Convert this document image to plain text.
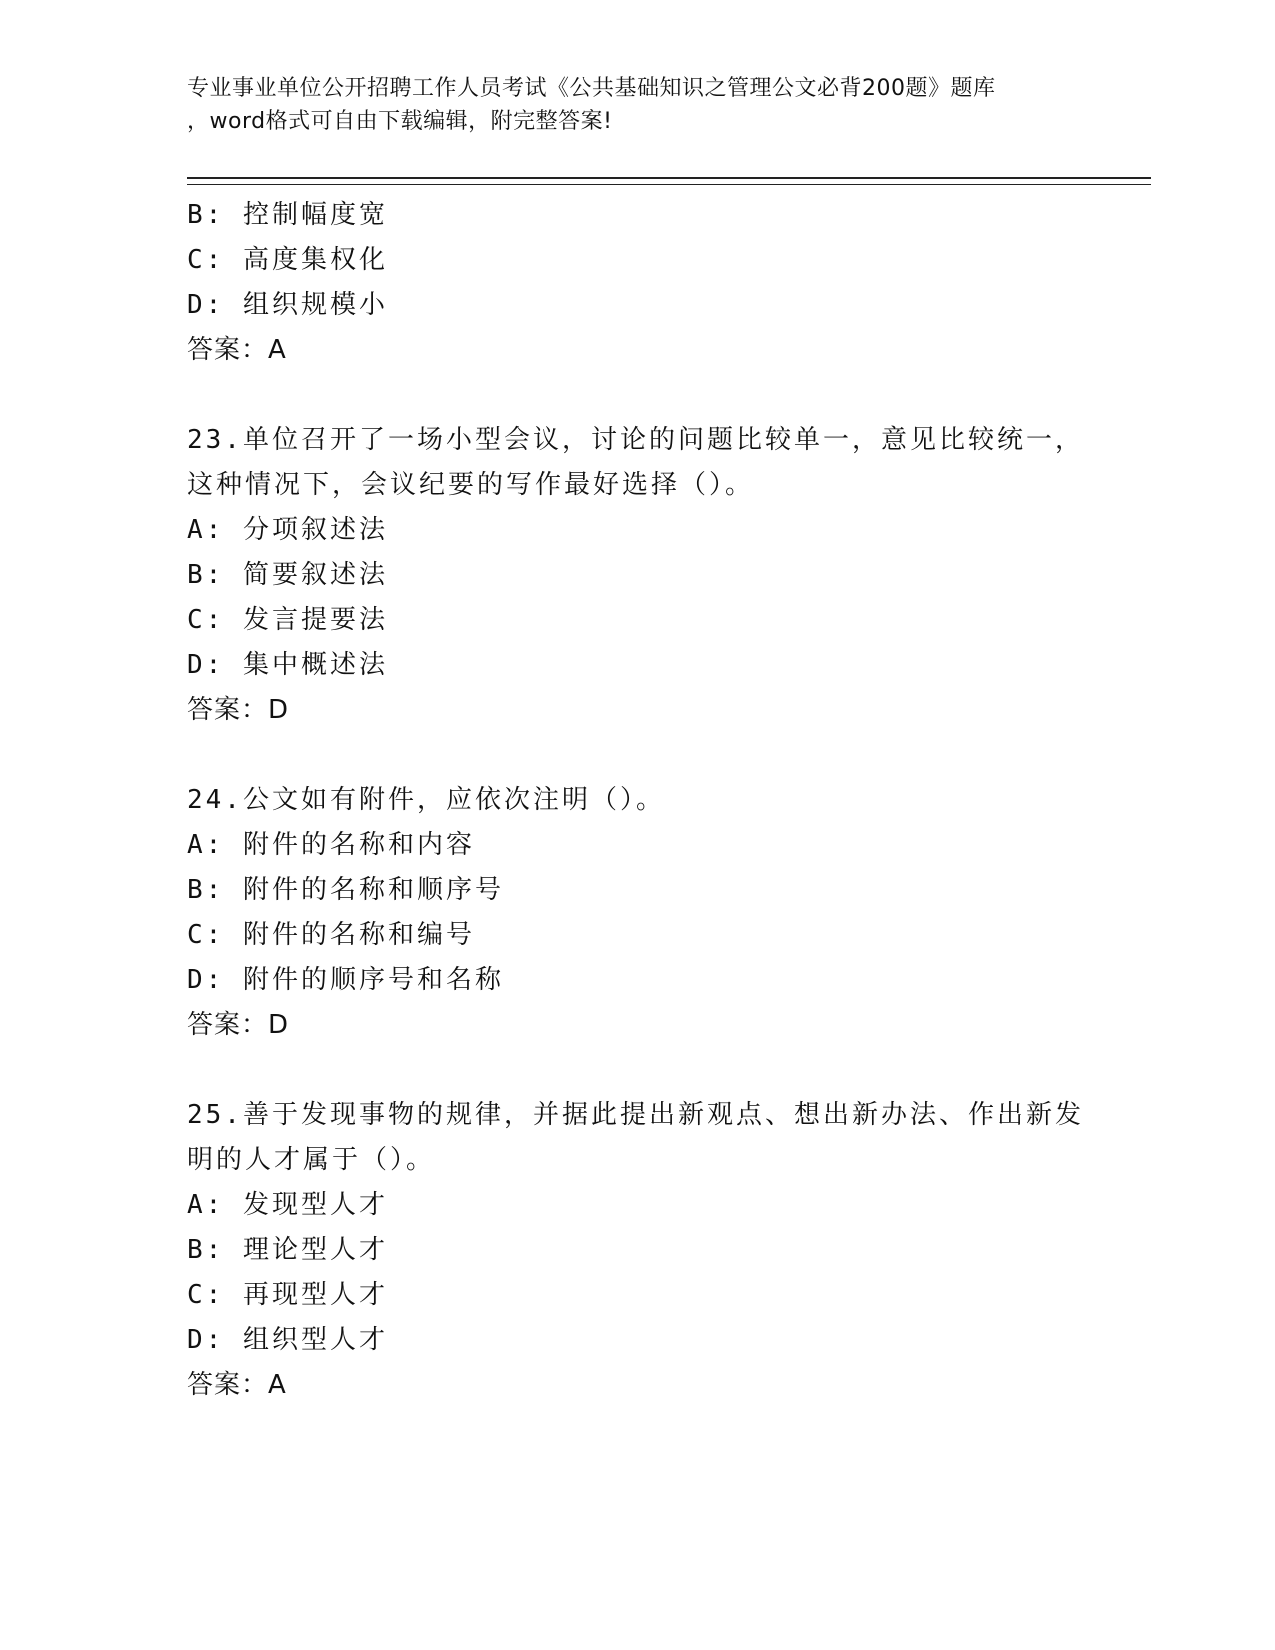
专业事业单位公开招聘工作人员考试《公共基础知识之管理公文必背200题》题库
，word格式可自由下载编辑，附完整答案!
B: 控制幅度宽
C: 高度集权化
D: 组织规模小
答案：A
23.单位召开了一场小型会议，讨论的问题比较单一，意见比较统一，
这种情况下，会议纪要的写作最好选择（）。
A: 分项叙述法
B: 简要叙述法
C: 发言提要法
D: 集中概述法
答案：D
24.公文如有附件，应依次注明（）。
A: 附件的名称和内容
B: 附件的名称和顺序号
C: 附件的名称和编号
D: 附件的顺序号和名称
答案：D
25.善于发现事物的规律，并据此提出新观点、想出新办法、作出新发
明的人才属于（）。
A: 发现型人才
B: 理论型人才
C: 再现型人才
D: 组织型人才
答案：A
